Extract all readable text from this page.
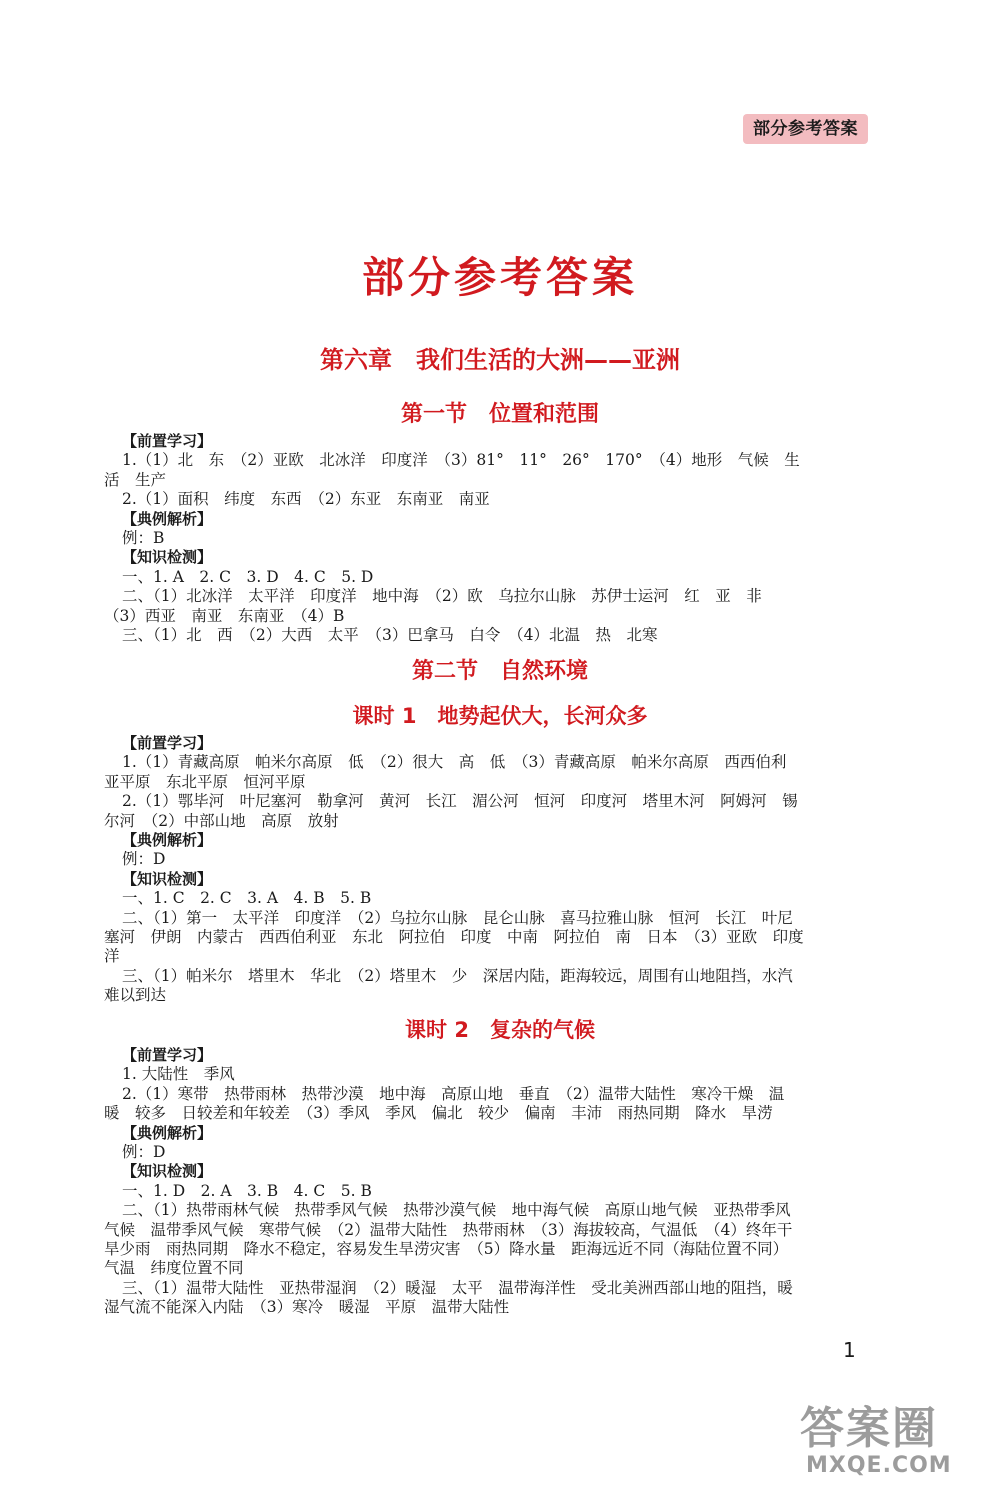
部分参考答案
部分参考答案
第六章　我们生活的大洲——亚洲
第一节　位置和范围
【前置学习】
1.（1）北　东　（2）亚欧　北冰洋　印度洋　（3）81°　11°　26°　170°　（4）地形　气候　生
活　生产
2.（1）面积　纬度　东西　（2）东亚　东南亚　南亚
【典例解析】
例：B
【知识检测】
一、1. A　2. C　3. D　4. C　5. D
二、（1）北冰洋　太平洋　印度洋　地中海　（2）欧　乌拉尔山脉　苏伊士运河　红　亚　非
（3）西亚　南亚　东南亚　（4）B
三、（1）北　西　（2）大西　太平　（3）巴拿马　白令　（4）北温　热　北寒
第二节　自然环境
课时 1　地势起伏大，长河众多
【前置学习】
1.（1）青藏高原　帕米尔高原　低　（2）很大　高　低　（3）青藏高原　帕米尔高原　西西伯利
亚平原　东北平原　恒河平原
2.（1）鄂毕河　叶尼塞河　勒拿河　黄河　长江　湄公河　恒河　印度河　塔里木河　阿姆河　锡
尔河　（2）中部山地　高原　放射
【典例解析】
例：D
【知识检测】
一、1. C　2. C　3. A　4. B　5. B
二、（1）第一　太平洋　印度洋　（2）乌拉尔山脉　昆仑山脉　喜马拉雅山脉　恒河　长江　叶尼
塞河　伊朗　内蒙古　西西伯利亚　东北　阿拉伯　印度　中南　阿拉伯　南　日本　（3）亚欧　印度
洋
三、（1）帕米尔　塔里木　华北　（2）塔里木　少　深居内陆，距海较远，周围有山地阻挡，水汽
难以到达
课时 2　复杂的气候
【前置学习】
1. 大陆性　季风
2.（1）寒带　热带雨林　热带沙漠　地中海　高原山地　垂直　（2）温带大陆性　寒冷干燥　温
暖　较多　日较差和年较差　（3）季风　季风　偏北　较少　偏南　丰沛　雨热同期　降水　旱涝
【典例解析】
例：D
【知识检测】
一、1. D　2. A　3. B　4. C　5. B
二、（1）热带雨林气候　热带季风气候　热带沙漠气候　地中海气候　高原山地气候　亚热带季风
气候　温带季风气候　寒带气候　（2）温带大陆性　热带雨林　（3）海拔较高，气温低　（4）终年干
旱少雨　雨热同期　降水不稳定，容易发生旱涝灾害　（5）降水量　距海远近不同（海陆位置不同）
气温　纬度位置不同
三、（1）温带大陆性　亚热带湿润　（2）暖湿　太平　温带海洋性　受北美洲西部山地的阻挡，暖
湿气流不能深入内陆　（3）寒冷　暖湿　平原　温带大陆性
1
答案圈
MXQE.COM
